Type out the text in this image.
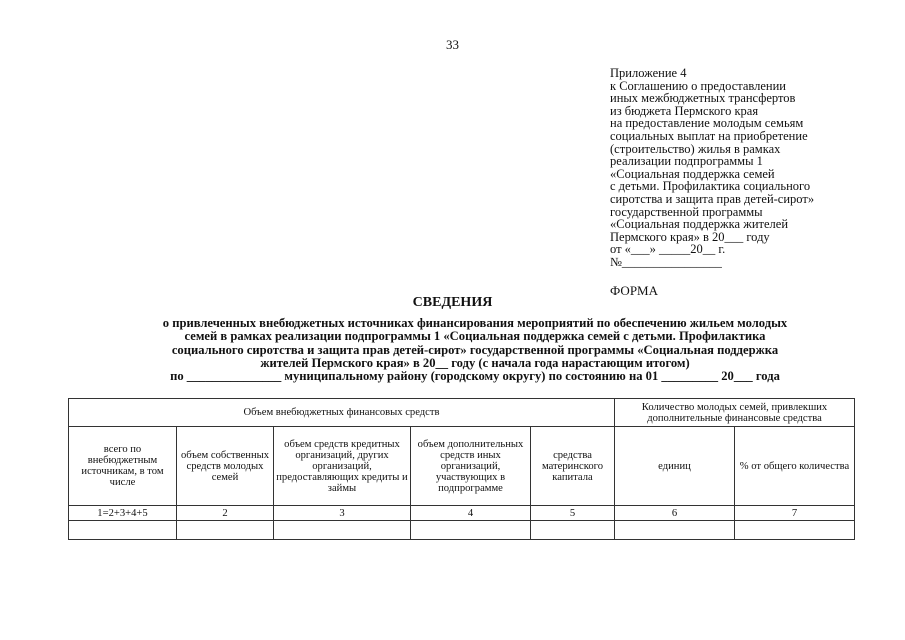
33
Приложение 4
к Соглашению о предоставлении
иных межбюджетных трансфертов
из бюджета Пермского края
на предоставление молодым семьям
социальных выплат на приобретение
(строительство) жилья в рамках
реализации подпрограммы 1
«Социальная поддержка семей
с детьми. Профилактика социального
сиротства и защита прав детей-сирот»
государственной программы
«Социальная поддержка жителей
Пермского края» в 20___ году
от «___» _____20__ г.
№________________
ФОРМА
СВЕДЕНИЯ
о привлеченных внебюджетных источниках финансирования мероприятий по обеспечению жильем молодых
семей в рамках реализации подпрограммы 1 «Социальная поддержка семей с детьми. Профилактика
социального сиротства и защита прав детей-сирот» государственной программы «Социальная поддержка
жителей Пермского края» в 20__ году (с начала года нарастающим итогом)
по _______________ муниципальному району (городскому округу) по состоянию на 01 _________ 20___ года
Объем внебюджетных финансовых средств					Количество молодых семей, привлекших дополнительные финансовые средства	
всего по внебюджетным источникам, в том числе	объем собственных средств молодых семей	объем средств кредитных организаций, других организаций, предоставляющих кредиты и займы	объем дополнительных средств иных организаций, участвующих в подпрограмме	средства материнского капитала	единиц	% от общего количества
1=2+3+4+5	2	3	4	5	6	7
